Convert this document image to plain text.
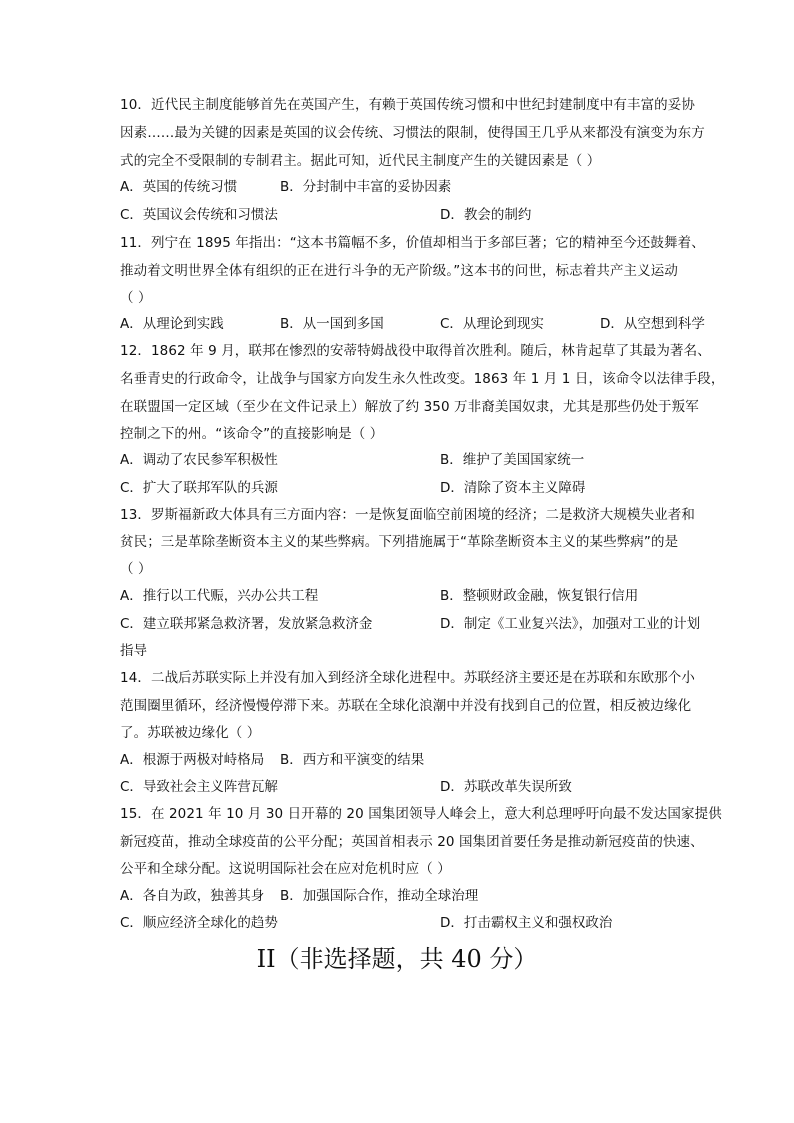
10．近代民主制度能够首先在英国产生，有赖于英国传统习惯和中世纪封建制度中有丰富的妥协
因素……最为关键的因素是英国的议会传统、习惯法的限制，使得国王几乎从来都没有演变为东方
式的完全不受限制的专制君主。据此可知，近代民主制度产生的关键因素是（ ）
A．英国的传统习惯	B．分封制中丰富的妥协因素
C．英国议会传统和习惯法	D．教会的制约
11．列宁在 1895 年指出：“这本书篇幅不多，价值却相当于多部巨著；它的精神至今还鼓舞着、
推动着文明世界全体有组织的正在进行斗争的无产阶级。”这本书的问世，标志着共产主义运动
（ ）
A．从理论到实践	B．从一国到多国	C．从理论到现实	D．从空想到科学
12．1862 年 9 月，联邦在惨烈的安蒂特姆战役中取得首次胜利。随后，林肯起草了其最为著名、
名垂青史的行政命令，让战争与国家方向发生永久性改变。1863 年 1 月 1 日，该命令以法律手段，
在联盟国一定区域（至少在文件记录上）解放了约 350 万非裔美国奴隶，尤其是那些仍处于叛军
控制之下的州。“该命令”的直接影响是（ ）
A．调动了农民参军积极性	B．维护了美国国家统一
C．扩大了联邦军队的兵源	D．清除了资本主义障碍
13．罗斯福新政大体具有三方面内容：一是恢复面临空前困境的经济；二是救济大规模失业者和
贫民；三是革除垄断资本主义的某些弊病。下列措施属于“革除垄断资本主义的某些弊病”的是
（ ）
A．推行以工代赈，兴办公共工程	B．整顿财政金融，恢复银行信用
C．建立联邦紧急救济署，发放紧急救济金	D．制定《工业复兴法》，加强对工业的计划
指导
14．二战后苏联实际上并没有加入到经济全球化进程中。苏联经济主要还是在苏联和东欧那个小
范围圈里循环，经济慢慢停滞下来。苏联在全球化浪潮中并没有找到自己的位置，相反被边缘化
了。苏联被边缘化（ ）
A．根源于两极对峙格局 B．西方和平演变的结果
C．导致社会主义阵营瓦解	D．苏联改革失误所致
15．在 2021 年 10 月 30 日开幕的 20 国集团领导人峰会上，意大利总理呼吁向最不发达国家提供
新冠疫苗，推动全球疫苗的公平分配；英国首相表示 20 国集团首要任务是推动新冠疫苗的快速、
公平和全球分配。这说明国际社会在应对危机时应（ ）
A．各自为政，独善其身 B．加强国际合作，推动全球治理
C．顺应经济全球化的趋势	D．打击霸权主义和强权政治
II（非选择题，共 40 分）
